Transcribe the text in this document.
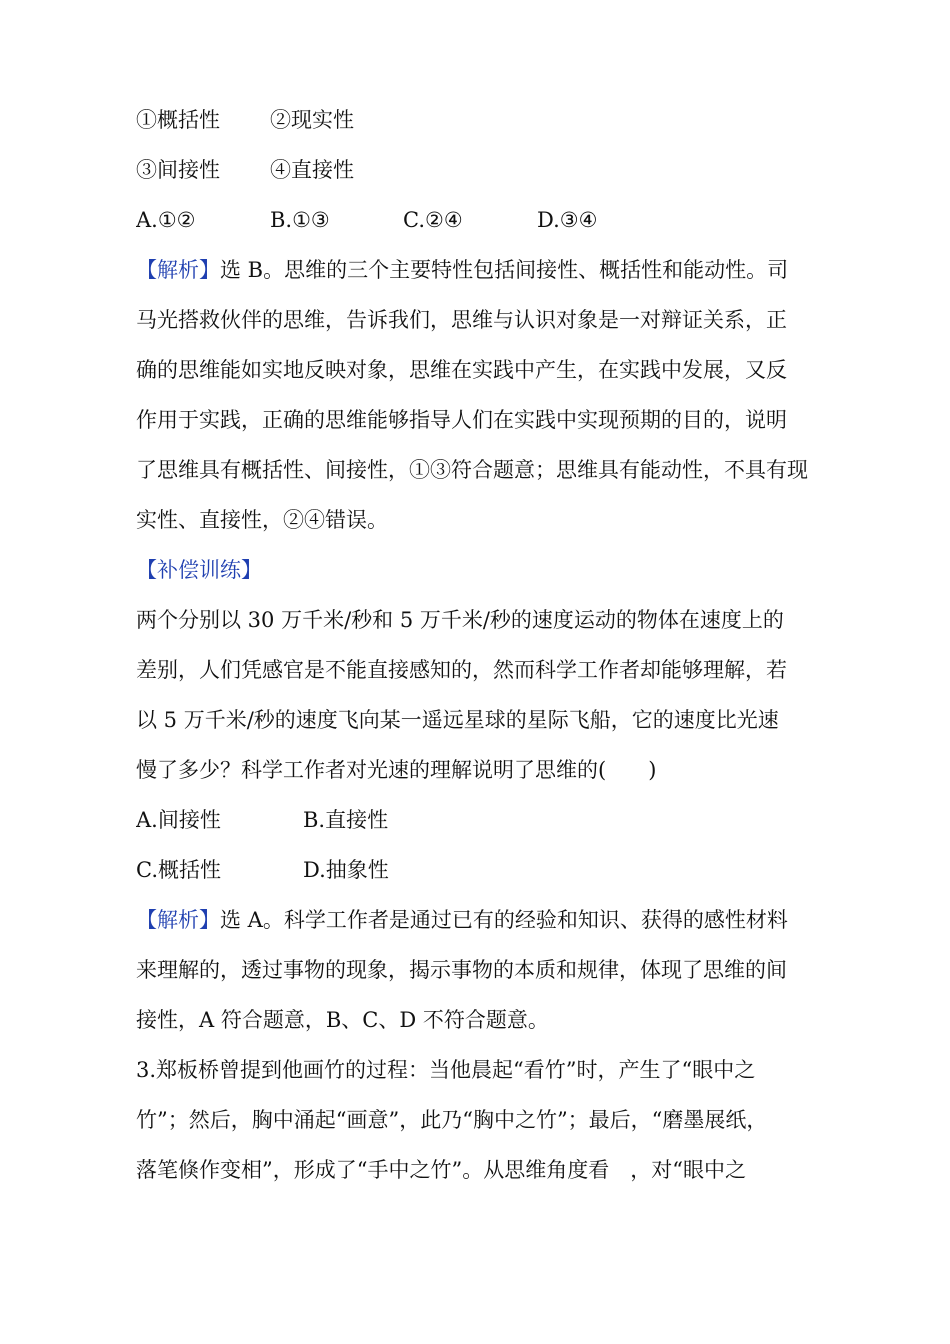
①概括性 ②现实性
③间接性 ④直接性
A.①②	B.①③	C.②④	D.③④
【解析】选 B。思维的三个主要特性包括间接性、概括性和能动性。司
马光搭救伙伴的思维，告诉我们，思维与认识对象是一对辩证关系，正
确的思维能如实地反映对象，思维在实践中产生，在实践中发展，又反
作用于实践，正确的思维能够指导人们在实践中实现预期的目的，说明
了思维具有概括性、间接性，①③符合题意；思维具有能动性，不具有现
实性、直接性，②④错误。
【补偿训练】
两个分别以 30 万千米/秒和 5 万千米/秒的速度运动的物体在速度上的
差别，人们凭感官是不能直接感知的，然而科学工作者却能够理解，若
以 5 万千米/秒的速度飞向某一遥远星球的星际飞船，它的速度比光速
慢了多少？科学工作者对光速的理解说明了思维的(　　)
A.间接性	B.直接性
C.概括性	D.抽象性
【解析】选 A。科学工作者是通过已有的经验和知识、获得的感性材料
来理解的，透过事物的现象，揭示事物的本质和规律，体现了思维的间
接性，A 符合题意，B、C、D 不符合题意。
3.郑板桥曾提到他画竹的过程：当他晨起“看竹”时，产生了“眼中之
竹”；然后，胸中涌起“画意”，此乃“胸中之竹”；最后，“磨墨展纸，
落笔倏作变相”，形成了“手中之竹”。从思维角度看　，对“眼中之
